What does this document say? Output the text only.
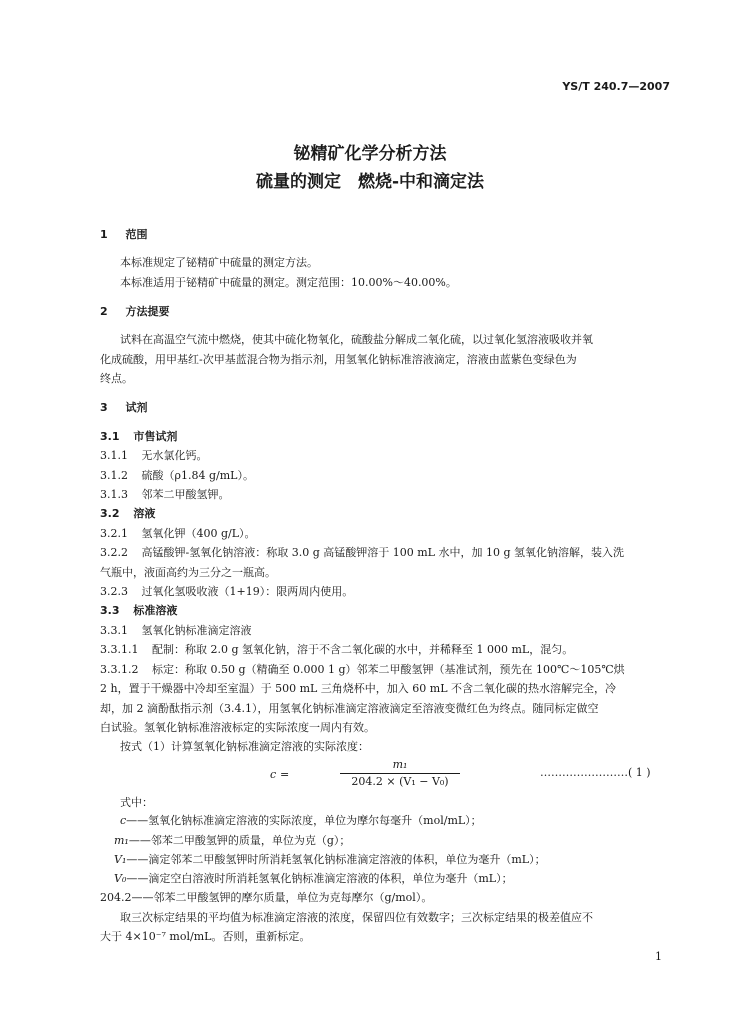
YS/T 240.7—2007
铋精矿化学分析方法
硫量的测定　燃烧-中和滴定法
1 范围
本标准规定了铋精矿中硫量的测定方法。
本标准适用于铋精矿中硫量的测定。测定范围：10.00%～40.00%。
2 方法提要
试料在高温空气流中燃烧，使其中硫化物氧化，硫酸盐分解成二氧化硫，以过氧化氢溶液吸收并氧
化成硫酸，用甲基红-次甲基蓝混合物为指示剂，用氢氧化钠标准溶液滴定，溶液由蓝紫色变绿色为
终点。
3 试剂
3.1 市售试剂
3.1.1 无水氯化钙。
3.1.2 硫酸（ρ1.84 g/mL）。
3.1.3 邻苯二甲酸氢钾。
3.2 溶液
3.2.1 氢氧化钾（400 g/L）。
3.2.2 高锰酸钾-氢氧化钠溶液：称取 3.0 g 高锰酸钾溶于 100 mL 水中，加 10 g 氢氧化钠溶解，装入洗
气瓶中，液面高约为三分之一瓶高。
3.2.3 过氧化氢吸收液（1+19）：限两周内使用。
3.3 标准溶液
3.3.1 氢氧化钠标准滴定溶液
3.3.1.1 配制：称取 2.0 g 氢氧化钠，溶于不含二氧化碳的水中，并稀释至 1 000 mL，混匀。
3.3.1.2 标定：称取 0.50 g（精确至 0.000 1 g）邻苯二甲酸氢钾（基准试剂，预先在 100℃～105℃烘
2 h，置于干燥器中冷却至室温）于 500 mL 三角烧杯中，加入 60 mL 不含二氧化碳的热水溶解完全，冷
却，加 2 滴酚酞指示剂（3.4.1），用氢氧化钠标准滴定溶液滴定至溶液变微红色为终点。随同标定做空
白试验。氢氧化钠标准溶液标定的实际浓度一周内有效。
按式（1）计算氢氧化钠标准滴定溶液的实际浓度：
c =
m₁
204.2 × (V₁ − V₀)
……………………( 1 )
式中：
c——氢氧化钠标准滴定溶液的实际浓度，单位为摩尔每毫升（mol/mL）；
m₁——邻苯二甲酸氢钾的质量，单位为克（g）；
V₁——滴定邻苯二甲酸氢钾时所消耗氢氧化钠标准滴定溶液的体积，单位为毫升（mL）；
V₀——滴定空白溶液时所消耗氢氧化钠标准滴定溶液的体积，单位为毫升（mL）；
204.2——邻苯二甲酸氢钾的摩尔质量，单位为克每摩尔（g/mol）。
取三次标定结果的平均值为标准滴定溶液的浓度，保留四位有效数字；三次标定结果的极差值应不
大于 4×10⁻⁷ mol/mL。否则，重新标定。
1
